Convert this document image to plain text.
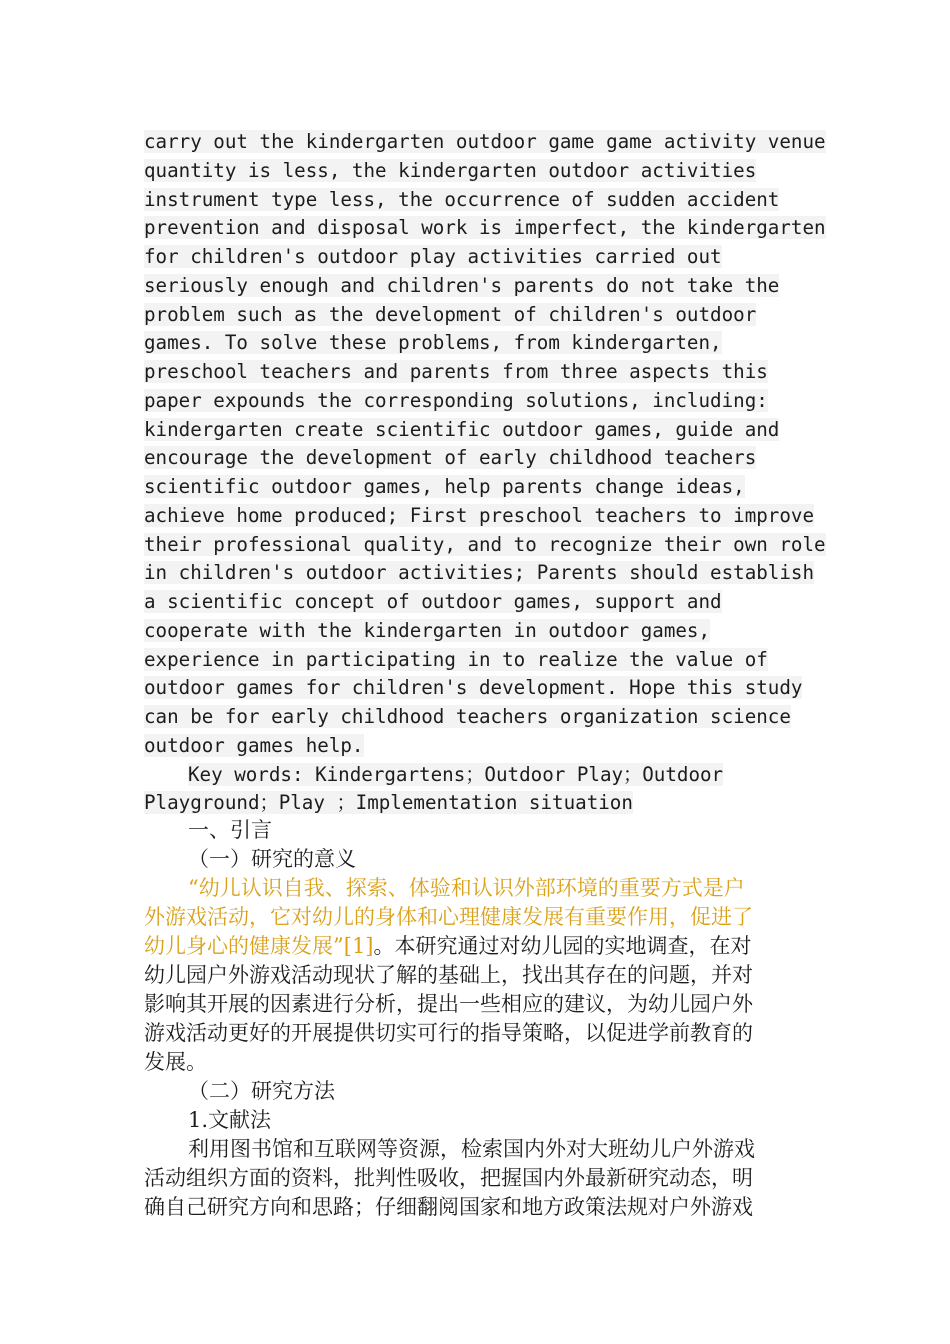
carry out the kindergarten outdoor game game activity venue
quantity is less, the kindergarten outdoor activities
instrument type less, the occurrence of sudden accident
prevention and disposal work is imperfect, the kindergarten
for children's outdoor play activities carried out
seriously enough and children's parents do not take the
problem such as the development of children's outdoor
games. To solve these problems, from kindergarten,
preschool teachers and parents from three aspects this
paper expounds the corresponding solutions, including:
kindergarten create scientific outdoor games, guide and
encourage the development of early childhood teachers
scientific outdoor games, help parents change ideas,
achieve home produced; First preschool teachers to improve
their professional quality, and to recognize their own role
in children's outdoor activities; Parents should establish
a scientific concept of outdoor games, support and
cooperate with the kindergarten in outdoor games,
experience in participating in to realize the value of
outdoor games for children's development. Hope this study
can be for early childhood teachers organization science
outdoor games help.
Key words: Kindergartens；Outdoor Play；Outdoor
Playground；Play ；Implementation situation
一、引言
（一）研究的意义
“幼儿认识自我、探索、体验和认识外部环境的重要方式是户
外游戏活动，它对幼儿的身体和心理健康发展有重要作用，促进了
幼儿身心的健康发展”[1]。本研究通过对幼儿园的实地调查，在对
幼儿园户外游戏活动现状了解的基础上，找出其存在的问题，并对
影响其开展的因素进行分析，提出一些相应的建议，为幼儿园户外
游戏活动更好的开展提供切实可行的指导策略，以促进学前教育的
发展。
（二）研究方法
1.文献法
利用图书馆和互联网等资源，检索国内外对大班幼儿户外游戏
活动组织方面的资料，批判性吸收，把握国内外最新研究动态，明
确自己研究方向和思路；仔细翻阅国家和地方政策法规对户外游戏
